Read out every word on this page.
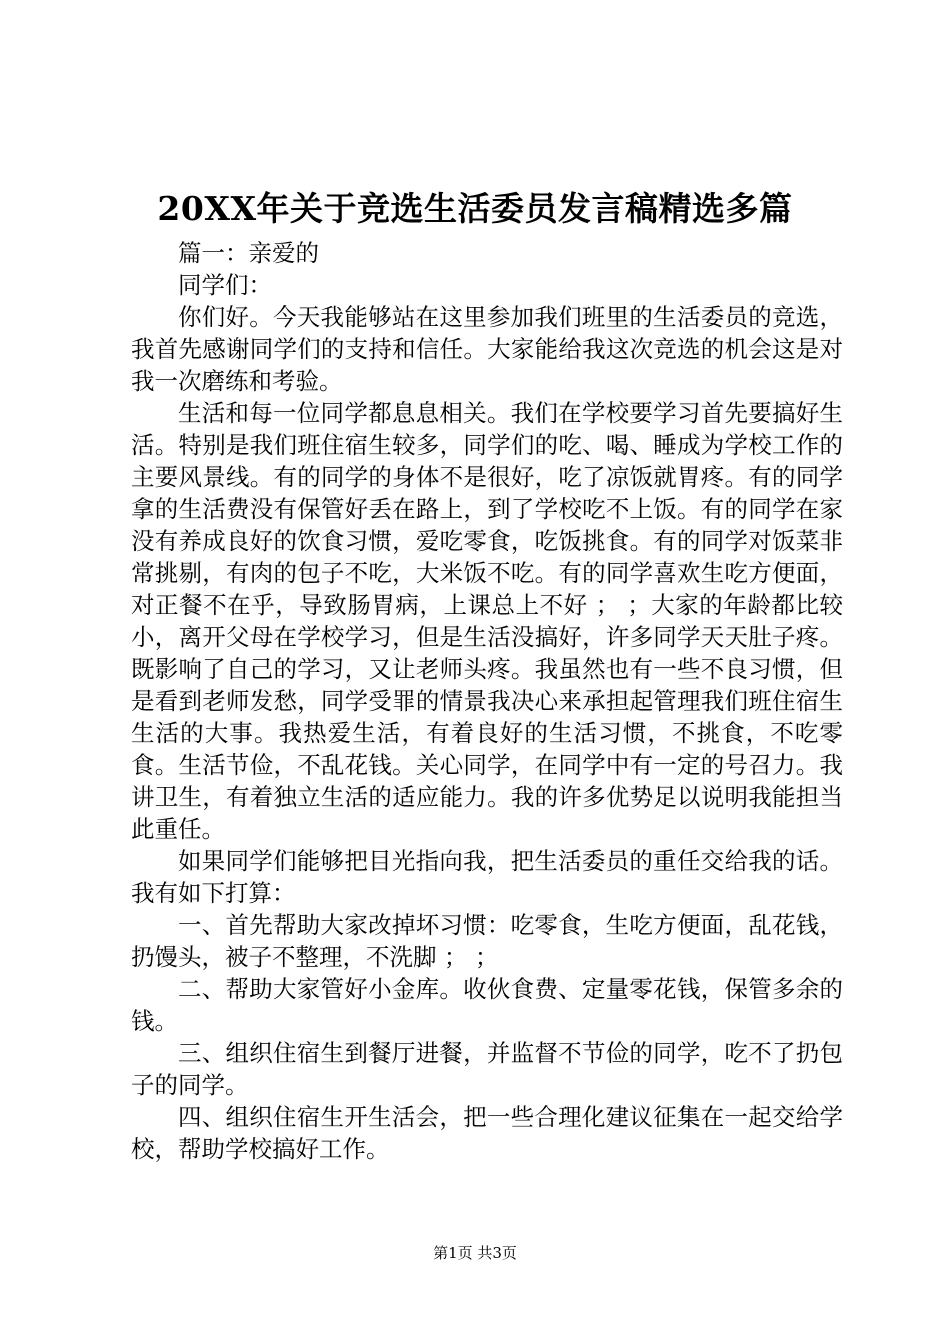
20XX年关于竞选生活委员发言稿精选多篇

篇一：亲爱的

同学们：

你们好。今天我能够站在这里参加我们班里的生活委员的竞选，我首先感谢同学们的支持和信任。大家能给我这次竞选的机会这是对我一次磨练和考验。

生活和每一位同学都息息相关。我们在学校要学习首先要搞好生活。特别是我们班住宿生较多，同学们的吃、喝、睡成为学校工作的主要风景线。有的同学的身体不是很好，吃了凉饭就胃疼。有的同学拿的生活费没有保管好丢在路上，到了学校吃不上饭。有的同学在家没有养成良好的饮食习惯，爱吃零食，吃饭挑食。有的同学对饭菜非常挑剔，有肉的包子不吃，大米饭不吃。有的同学喜欢生吃方便面，对正餐不在乎，导致肠胃病，上课总上不好 ； ；大家的年龄都比较小，离开父母在学校学习，但是生活没搞好，许多同学天天肚子疼。既影响了自己的学习，又让老师头疼。我虽然也有一些不良习惯，但是看到老师发愁，同学受罪的情景我决心来承担起管理我们班住宿生生活的大事。我热爱生活，有着良好的生活习惯，不挑食，不吃零食。生活节俭，不乱花钱。关心同学，在同学中有一定的号召力。我讲卫生，有着独立生活的适应能力。我的许多优势足以说明我能担当此重任。

如果同学们能够把目光指向我，把生活委员的重任交给我的话。我有如下打算：

一、首先帮助大家改掉坏习惯：吃零食，生吃方便面，乱花钱，扔馒头，被子不整理，不洗脚 ； ；

二、帮助大家管好小金库。收伙食费、定量零花钱，保管多余的钱。

三、组织住宿生到餐厅进餐，并监督不节俭的同学，吃不了扔包子的同学。

四、组织住宿生开生活会，把一些合理化建议征集在一起交给学校，帮助学校搞好工作。

第1页 共3页
